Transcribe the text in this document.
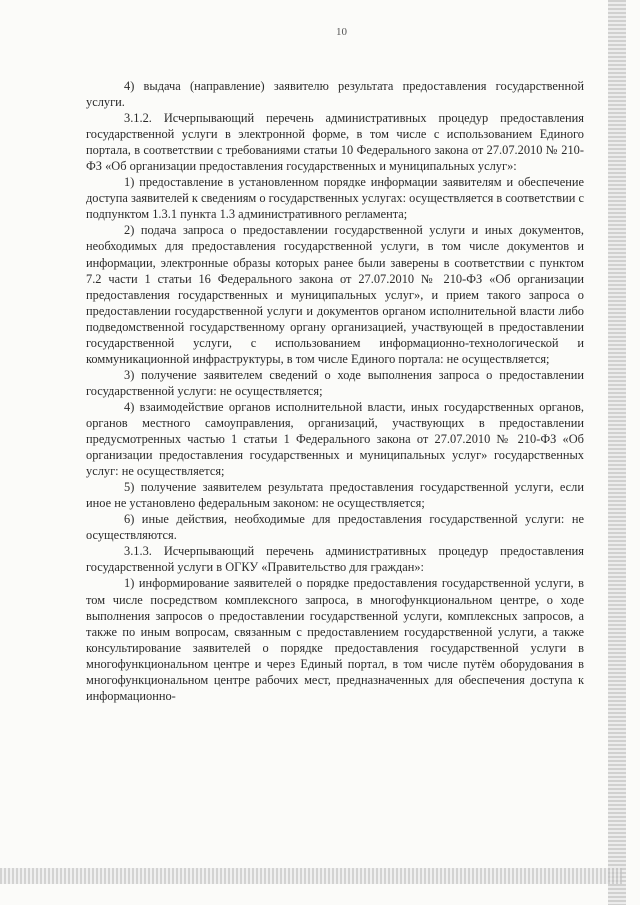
10

4) выдача (направление) заявителю результата предоставления государственной услуги.

3.1.2. Исчерпывающий перечень административных процедур предоставления государственной услуги в электронной форме, в том числе с использованием Единого портала, в соответствии с требованиями статьи 10 Федерального закона от 27.07.2010 № 210-ФЗ «Об организации предоставления государственных и муниципальных услуг»:

1) предоставление в установленном порядке информации заявителям и обеспечение доступа заявителей к сведениям о государственных услугах: осуществляется в соответствии с подпунктом 1.3.1 пункта 1.3 административного регламента;

2) подача запроса о предоставлении государственной услуги и иных документов, необходимых для предоставления государственной услуги, в том числе документов и информации, электронные образы которых ранее были заверены в соответствии с пунктом 7.2 части 1 статьи 16 Федерального закона от 27.07.2010 № 210-ФЗ «Об организации предоставления государственных и муниципальных услуг», и прием такого запроса о предоставлении государственной услуги и документов органом исполнительной власти либо подведомственной государственному органу организацией, участвующей в предоставлении государственной услуги, с использованием информационно-технологической и коммуникационной инфраструктуры, в том числе Единого портала: не осуществляется;

3) получение заявителем сведений о ходе выполнения запроса о предоставлении государственной услуги: не осуществляется;

4) взаимодействие органов исполнительной власти, иных государственных органов, органов местного самоуправления, организаций, участвующих в предоставлении предусмотренных частью 1 статьи 1 Федерального закона от 27.07.2010 № 210-ФЗ «Об организации предоставления государственных и муниципальных услуг» государственных услуг: не осуществляется;

5) получение заявителем результата предоставления государственной услуги, если иное не установлено федеральным законом: не осуществляется;

6) иные действия, необходимые для предоставления государственной услуги: не осуществляются.

3.1.3. Исчерпывающий перечень административных процедур предоставления государственной услуги в ОГКУ «Правительство для граждан»:

1) информирование заявителей о порядке предоставления государственной услуги, в том числе посредством комплексного запроса, в многофункциональном центре, о ходе выполнения запросов о предоставлении государственной услуги, комплексных запросов, а также по иным вопросам, связанным с предоставлением государственной услуги, а также консультирование заявителей о порядке предоставления государственной услуги в многофункциональном центре и через Единый портал, в том числе путём оборудования в многофункциональном центре рабочих мест, предназначенных для обеспечения доступа к информационно-
